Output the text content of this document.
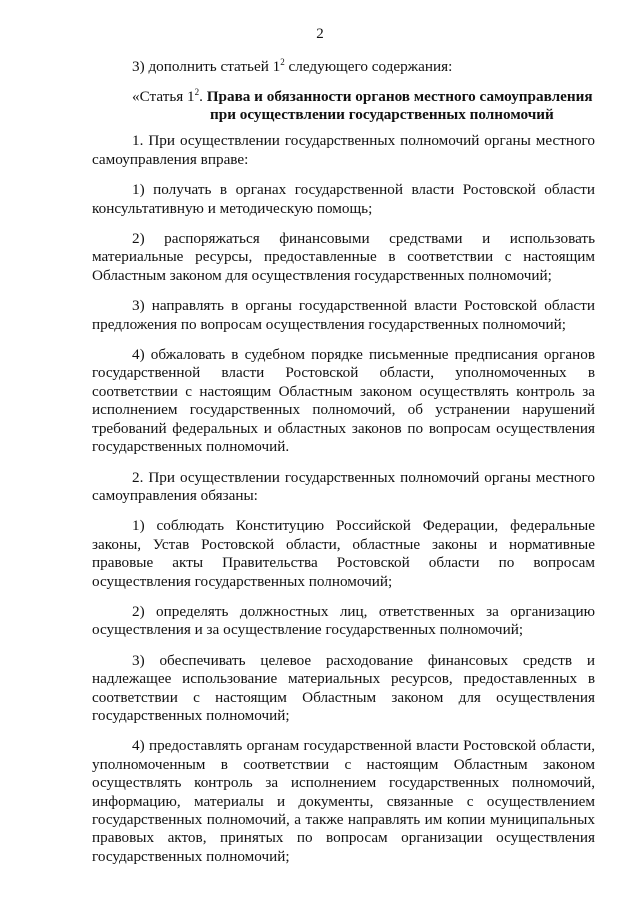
2

3) дополнить статьей $1^2$ следующего содержания:

«Статья $1^2$. Права и обязанности органов местного самоуправления
при осуществлении государственных полномочий

1. При осуществлении государственных полномочий органы местного самоуправления вправе:

1) получать в органах государственной власти Ростовской области консультативную и методическую помощь;

2) распоряжаться финансовыми средствами и использовать материальные ресурсы, предоставленные в соответствии с настоящим Областным законом для осуществления государственных полномочий;

3) направлять в органы государственной власти Ростовской области предложения по вопросам осуществления государственных полномочий;

4) обжаловать в судебном порядке письменные предписания органов государственной власти Ростовской области, уполномоченных в соответствии с настоящим Областным законом осуществлять контроль за исполнением государственных полномочий, об устранении нарушений требований федеральных и областных законов по вопросам осуществления государственных полномочий.

2. При осуществлении государственных полномочий органы местного самоуправления обязаны:

1) соблюдать Конституцию Российской Федерации, федеральные законы, Устав Ростовской области, областные законы и нормативные правовые акты Правительства Ростовской области по вопросам осуществления государственных полномочий;

2) определять должностных лиц, ответственных за организацию осуществления и за осуществление государственных полномочий;

3) обеспечивать целевое расходование финансовых средств и надлежащее использование материальных ресурсов, предоставленных в соответствии с настоящим Областным законом для осуществления государственных полномочий;

4) предоставлять органам государственной власти Ростовской области, уполномоченным в соответствии с настоящим Областным законом осуществлять контроль за исполнением государственных полномочий, информацию, материалы и документы, связанные с осуществлением государственных полномочий, а также направлять им копии муниципальных правовых актов, принятых по вопросам организации осуществления государственных полномочий;
